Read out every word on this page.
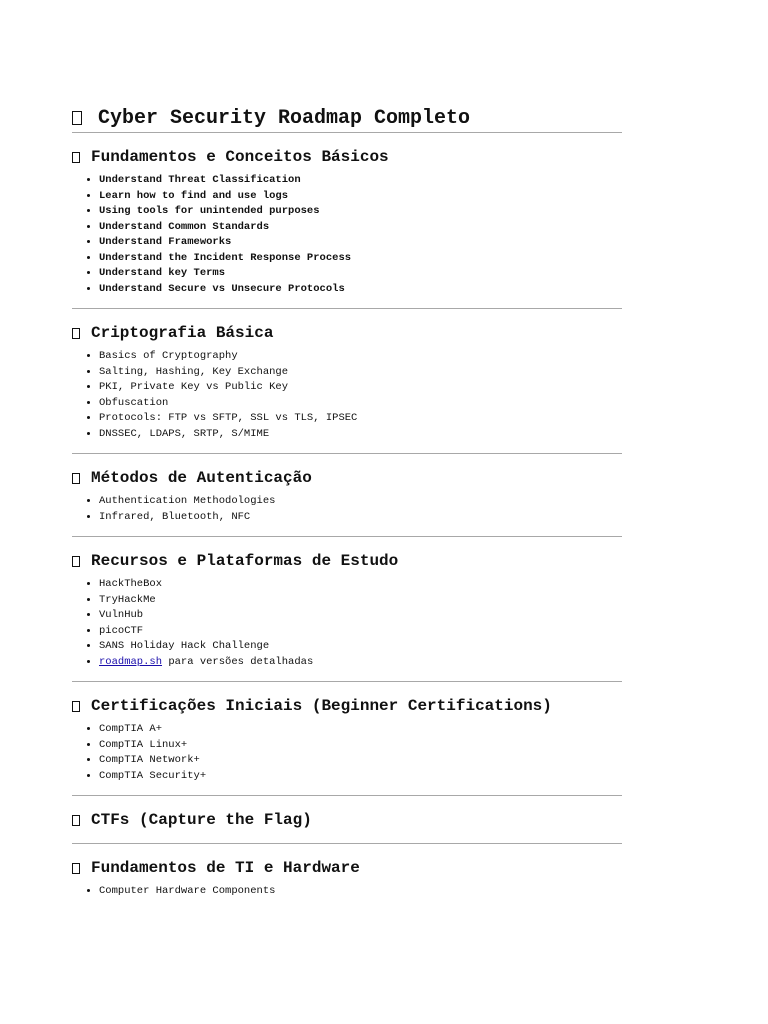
Cyber Security Roadmap Completo
Fundamentos e Conceitos Básicos
• Understand Threat Classification
• Learn how to find and use logs
• Using tools for unintended purposes
• Understand Common Standards
• Understand Frameworks
• Understand the Incident Response Process
• Understand key Terms
• Understand Secure vs Unsecure Protocols
Criptografia Básica
• Basics of Cryptography
• Salting, Hashing, Key Exchange
• PKI, Private Key vs Public Key
• Obfuscation
• Protocols: FTP vs SFTP, SSL vs TLS, IPSEC
• DNSSEC, LDAPS, SRTP, S/MIME
Métodos de Autenticação
• Authentication Methodologies
• Infrared, Bluetooth, NFC
Recursos e Plataformas de Estudo
• HackTheBox
• TryHackMe
• VulnHub
• picoCTF
• SANS Holiday Hack Challenge
• roadmap.sh para versões detalhadas
Certificações Iniciais (Beginner Certifications)
• CompTIA A+
• CompTIA Linux+
• CompTIA Network+
• CompTIA Security+
CTFs (Capture the Flag)
Fundamentos de TI e Hardware
• Computer Hardware Components
